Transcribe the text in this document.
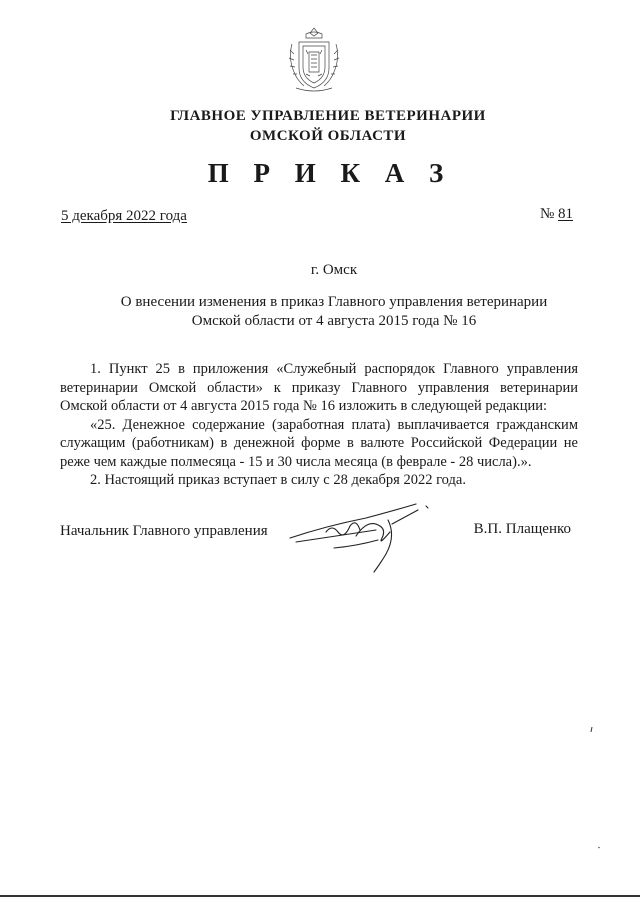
ГЛАВНОЕ УПРАВЛЕНИЕ ВЕТЕРИНАРИИ
ОМСКОЙ ОБЛАСТИ
П Р И К А З
5 декабря 2022 года	№ 81
г. Омск
О внесении изменения в приказ Главного управления ветеринарии
Омской области от 4 августа 2015 года № 16

1. Пункт 25 в приложения «Служебный распорядок Главного управления ветеринарии Омской области» к приказу Главного управления ветеринарии Омской области от 4 августа 2015 года № 16 изложить в следующей редакции:

«25. Денежное содержание (заработная плата) выплачивается гражданским служащим (работникам) в денежной форме в валюте Российской Федерации не реже чем каждые полмесяца - 15 и 30 числа месяца (в феврале - 28 числа).».

2. Настоящий приказ вступает в силу с 28 декабря 2022 года.

Начальник Главного управления	В.П. Плащенко
